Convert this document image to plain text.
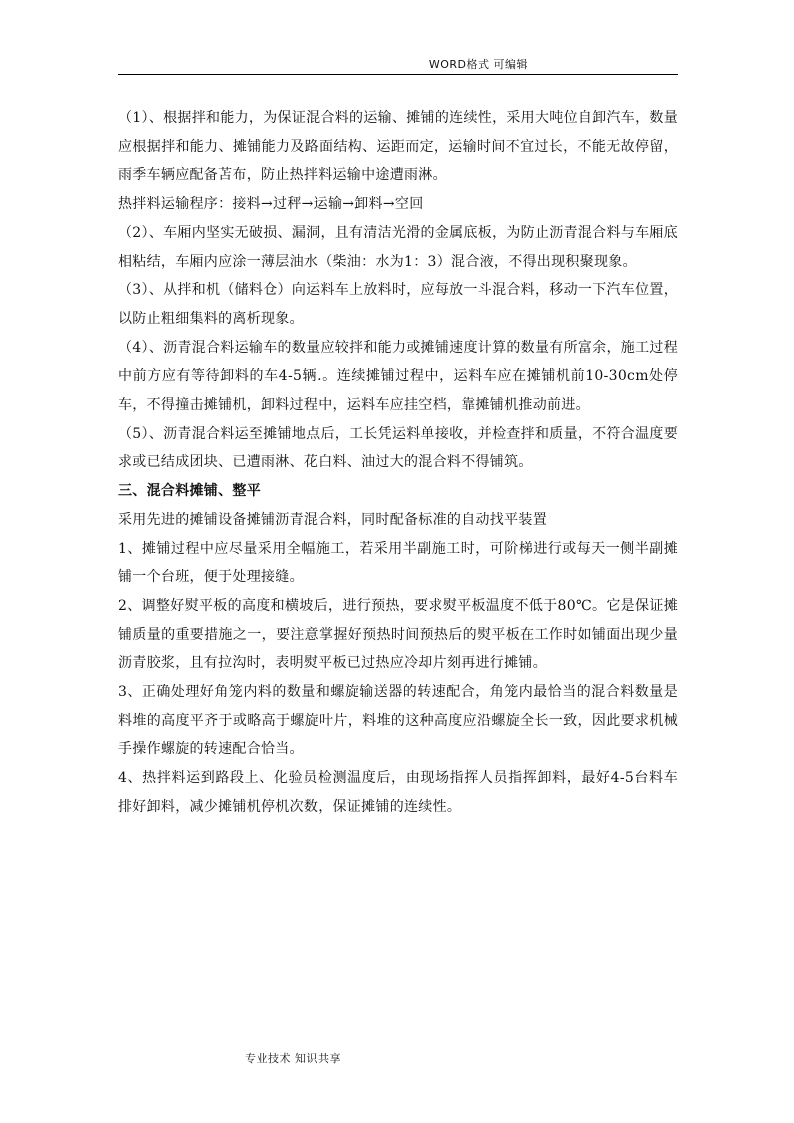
WORD格式 可编辑

（1）、根据拌和能力，为保证混合料的运输、摊铺的连续性，采用大吨位自卸汽车，数量应根据拌和能力、摊铺能力及路面结构、运距而定，运输时间不宜过长，不能无故停留，雨季车辆应配备苫布，防止热拌料运输中途遭雨淋。

热拌料运输程序：接料→过秤→运输→卸料→空回

（2）、车厢内坚实无破损、漏洞，且有清洁光滑的金属底板，为防止沥青混合料与车厢底相粘结，车厢内应涂一薄层油水（柴油：水为1：3）混合液，不得出现积聚现象。

（3）、从拌和机（储料仓）向运料车上放料时，应每放一斗混合料，移动一下汽车位置，以防止粗细集料的离析现象。

（4）、沥青混合料运输车的数量应较拌和能力或摊铺速度计算的数量有所富余，施工过程中前方应有等待卸料的车4-5辆.。连续摊铺过程中，运料车应在摊铺机前10-30cm处停车，不得撞击摊铺机，卸料过程中，运料车应挂空档，靠摊铺机推动前进。

（5）、沥青混合料运至摊铺地点后，工长凭运料单接收，并检查拌和质量，不符合温度要求或已结成团块、已遭雨淋、花白料、油过大的混合料不得铺筑。

三、混合料摊铺、整平

采用先进的摊铺设备摊铺沥青混合料，同时配备标准的自动找平装置

1、摊铺过程中应尽量采用全幅施工，若采用半副施工时，可阶梯进行或每天一侧半副摊铺一个台班，便于处理接缝。

2、调整好熨平板的高度和横坡后，进行预热，要求熨平板温度不低于80℃。它是保证摊铺质量的重要措施之一，要注意掌握好预热时间预热后的熨平板在工作时如铺面出现少量沥青胶浆，且有拉沟时，表明熨平板已过热应冷却片刻再进行摊铺。

3、正确处理好角笼内料的数量和螺旋输送器的转速配合，角笼内最恰当的混合料数量是料堆的高度平齐于或略高于螺旋叶片，料堆的这种高度应沿螺旋全长一致，因此要求机械手操作螺旋的转速配合恰当。

4、热拌料运到路段上、化验员检测温度后，由现场指挥人员指挥卸料，最好4-5台料车排好卸料，减少摊铺机停机次数，保证摊铺的连续性。

专业技术 知识共享
